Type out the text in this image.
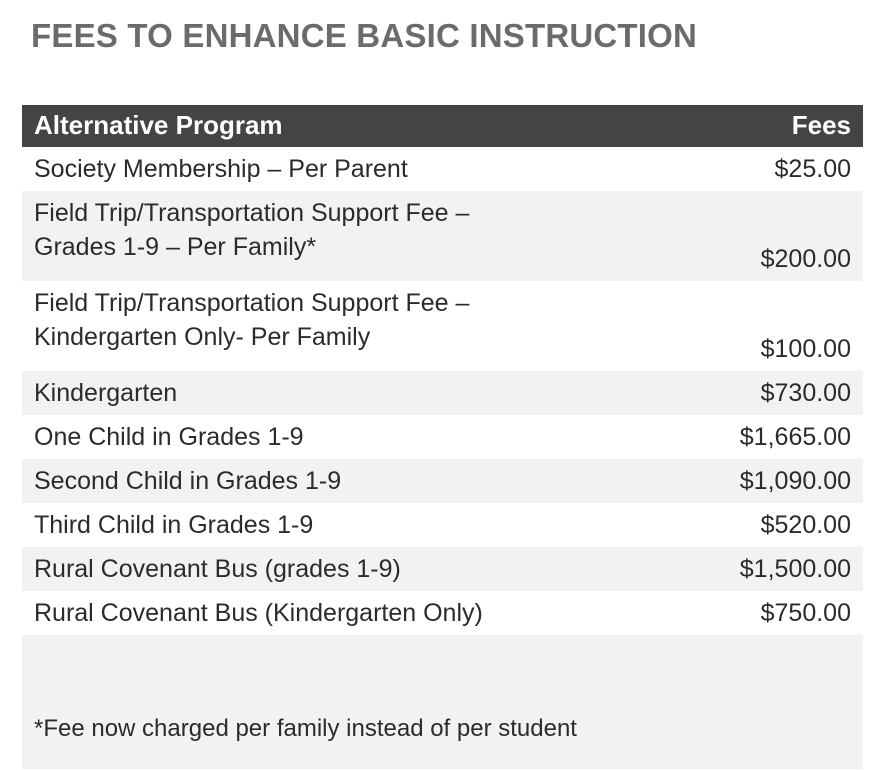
FEES TO ENHANCE BASIC INSTRUCTION
Alternative Program	Fees

Society Membership – Per Parent	$25.00

Field Trip/Transportation Support Fee –
Grades 1-9 – Per Family*	$200.00

Field Trip/Transportation Support Fee –
Kindergarten Only- Per Family	$100.00

Kindergarten	$730.00

One Child in Grades 1-9	$1,665.00

Second Child in Grades 1-9	$1,090.00

Third Child in Grades 1-9	$520.00

Rural Covenant Bus (grades 1-9)	$1,500.00

Rural Covenant Bus (Kindergarten Only)	$750.00
*Fee now charged per family instead of per student	
